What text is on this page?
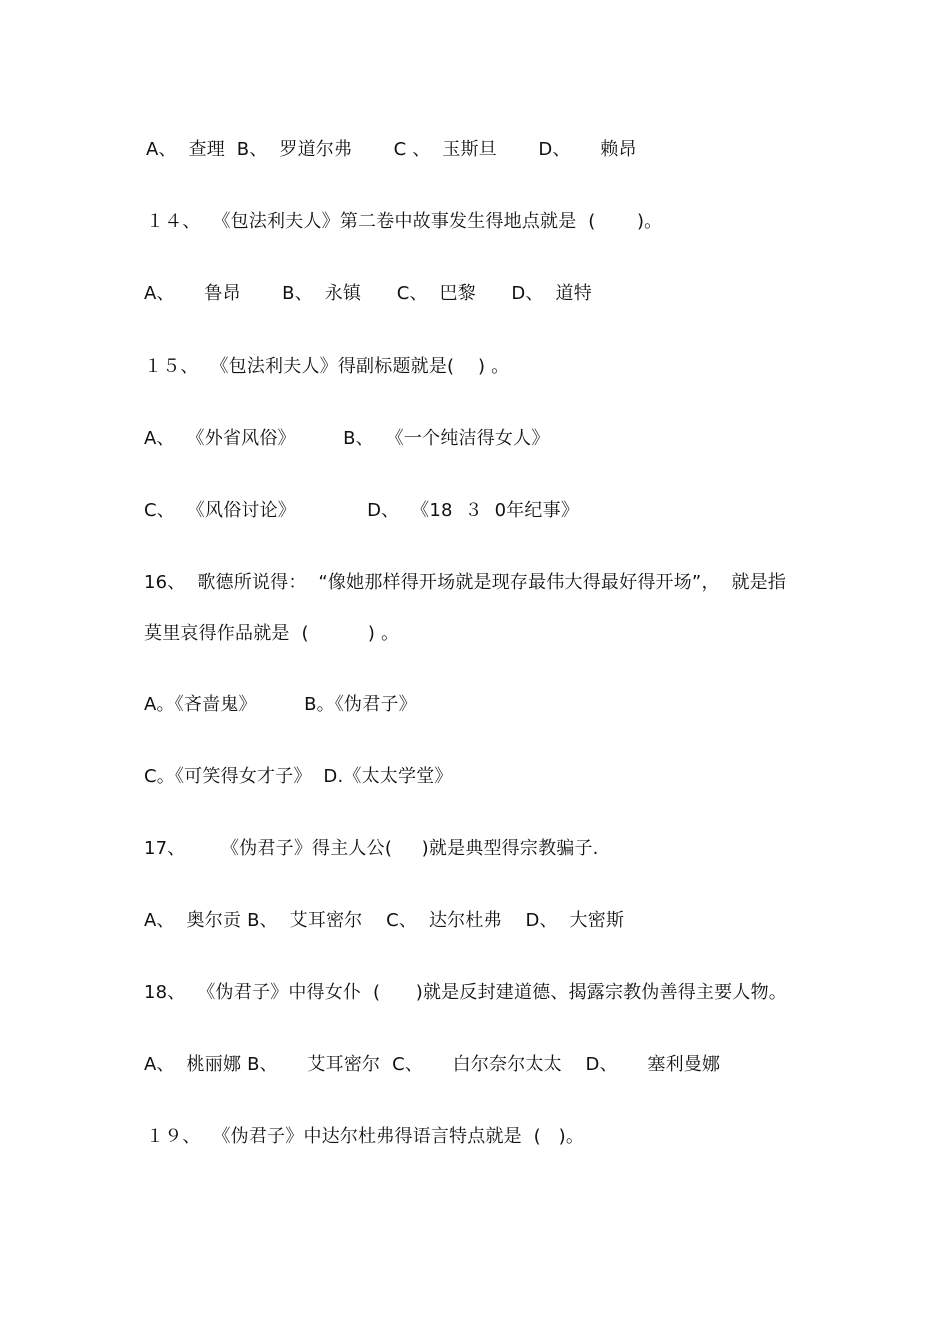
A、  查理  B、  罗道尔弗       C 、  玉斯旦       D、     赖昂
１４、  《包法利夫人》第二卷中故事发生得地点就是  (       )。
A、     鲁昂       B、  永镇      C、  巴黎      D、  道特
１５、  《包法利夫人》得副标题就是(    ) 。
A、  《外省风俗》        B、  《一个纯洁得女人》
C、  《风俗讨论》            D、  《18  ３  0年纪事》
16、  歌德所说得：  “像她那样得开场就是现存最伟大得最好得开场”，  就是指
莫里哀得作品就是  (          ) 。
A。《吝啬鬼》        B。《伪君子》
C。《可笑得女才子》  D.《太太学堂》
17、      《伪君子》得主人公(     )就是典型得宗教骗子.
A、  奥尔贡 B、  艾耳密尔    C、  达尔杜弗    D、  大密斯
18、  《伪君子》中得女仆  (      )就是反封建道德、揭露宗教伪善得主要人物。
A、  桃丽娜 B、     艾耳密尔  C、     白尔奈尔太太    D、     塞利曼娜
１９、  《伪君子》中达尔杜弗得语言特点就是  (   )。
